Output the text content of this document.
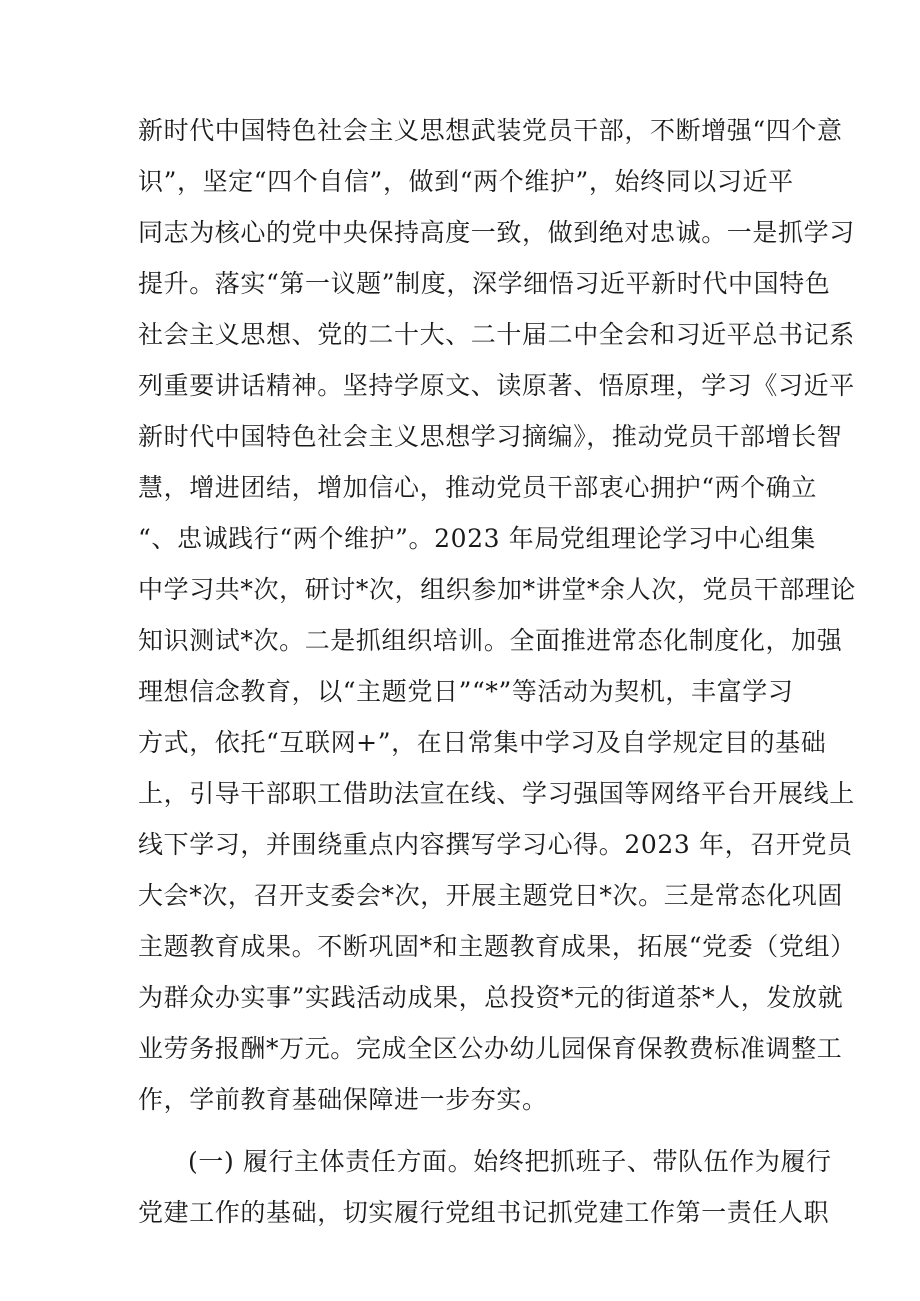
新时代中国特色社会主义思想武装党员干部，不断增强“四个意
识”，坚定“四个自信”，做到“两个维护”，始终同以习近平
同志为核心的党中央保持高度一致，做到绝对忠诚。一是抓学习
提升。落实“第一议题”制度，深学细悟习近平新时代中国特色
社会主义思想、党的二十大、二十届二中全会和习近平总书记系
列重要讲话精神。坚持学原文、读原著、悟原理，学习《习近平
新时代中国特色社会主义思想学习摘编》，推动党员干部增长智
慧，增进团结，增加信心，推动党员干部衷心拥护“两个确立
“、忠诚践行“两个维护”。2023 年局党组理论学习中心组集
中学习共*次，研讨*次，组织参加*讲堂*余人次，党员干部理论
知识测试*次。二是抓组织培训。全面推进常态化制度化，加强
理想信念教育，以“主题党日”“*”等活动为契机，丰富学习
方式，依托“互联网+”，在日常集中学习及自学规定目的基础
上，引导干部职工借助法宣在线、学习强国等网络平台开展线上
线下学习，并围绕重点内容撰写学习心得。2023 年，召开党员
大会*次，召开支委会*次，开展主题党日*次。三是常态化巩固
主题教育成果。不断巩固*和主题教育成果，拓展“党委（党组）
为群众办实事”实践活动成果，总投资*元的街道茶*人，发放就
业劳务报酬*万元。完成全区公办幼儿园保育保教费标准调整工
作，学前教育基础保障进一步夯实。
(一) 履行主体责任方面。始终把抓班子、带队伍作为履行
党建工作的基础，切实履行党组书记抓党建工作第一责任人职
